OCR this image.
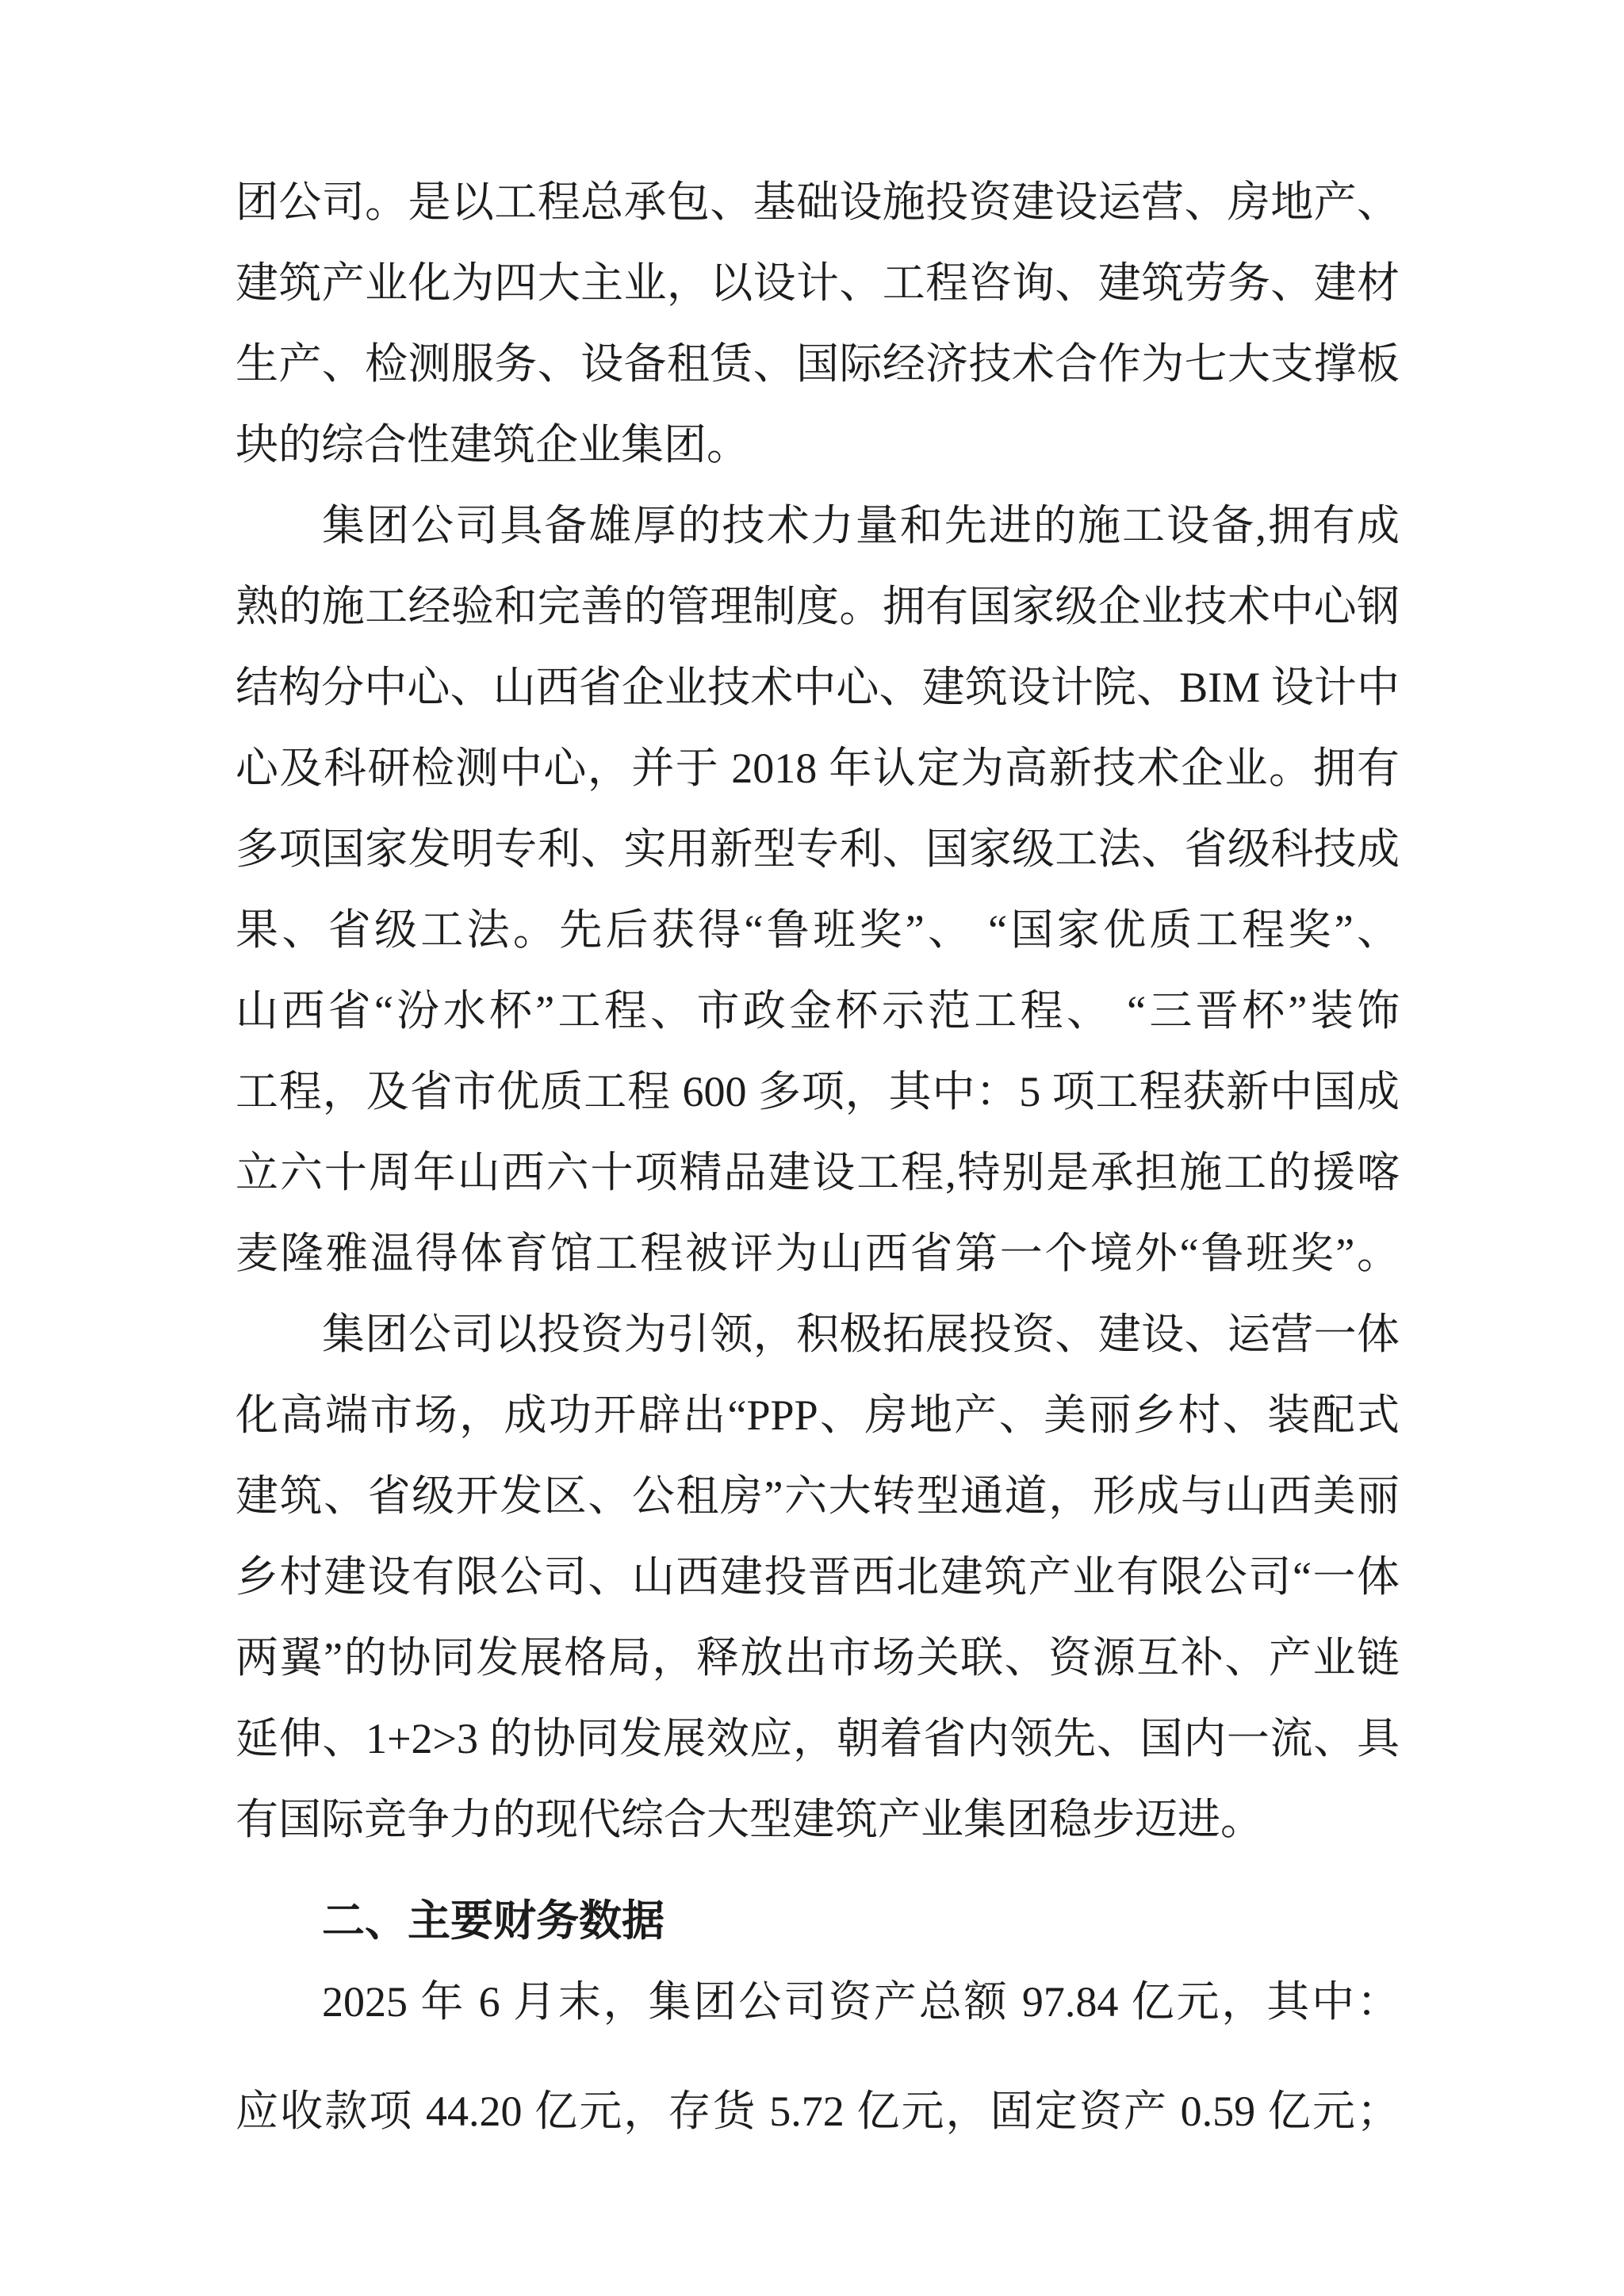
团公司。是以工程总承包、基础设施投资建设运营、房地产、
建筑产业化为四大主业，以设计、工程咨询、建筑劳务、建材
生产、检测服务、设备租赁、国际经济技术合作为七大支撑板
块的综合性建筑企业集团。
集团公司具备雄厚的技术力量和先进的施工设备,拥有成
熟的施工经验和完善的管理制度。拥有国家级企业技术中心钢
结构分中心、山西省企业技术中心、建筑设计院、BIM 设计中
心及科研检测中心，并于 2018 年认定为高新技术企业。拥有
多项国家发明专利、实用新型专利、国家级工法、省级科技成
果、省级工法。先后获得“鲁班奖”、 “国家优质工程奖”、
山西省“汾水杯”工程、市政金杯示范工程、 “三晋杯”装饰
工程，及省市优质工程 600 多项，其中：5 项工程获新中国成
立六十周年山西六十项精品建设工程,特别是承担施工的援喀
麦隆雅温得体育馆工程被评为山西省第一个境外“鲁班奖”。
集团公司以投资为引领，积极拓展投资、建设、运营一体
化高端市场，成功开辟出“PPP、房地产、美丽乡村、装配式
建筑、省级开发区、公租房”六大转型通道，形成与山西美丽
乡村建设有限公司、山西建投晋西北建筑产业有限公司“一体
两翼”的协同发展格局，释放出市场关联、资源互补、产业链
延伸、1+2>3 的协同发展效应，朝着省内领先、国内一流、具
有国际竞争力的现代综合大型建筑产业集团稳步迈进。
二、主要财务数据
2025 年 6 月末，集团公司资产总额 97.84 亿元，其中：
应收款项 44.20 亿元，存货 5.72 亿元，固定资产 0.59 亿元；
